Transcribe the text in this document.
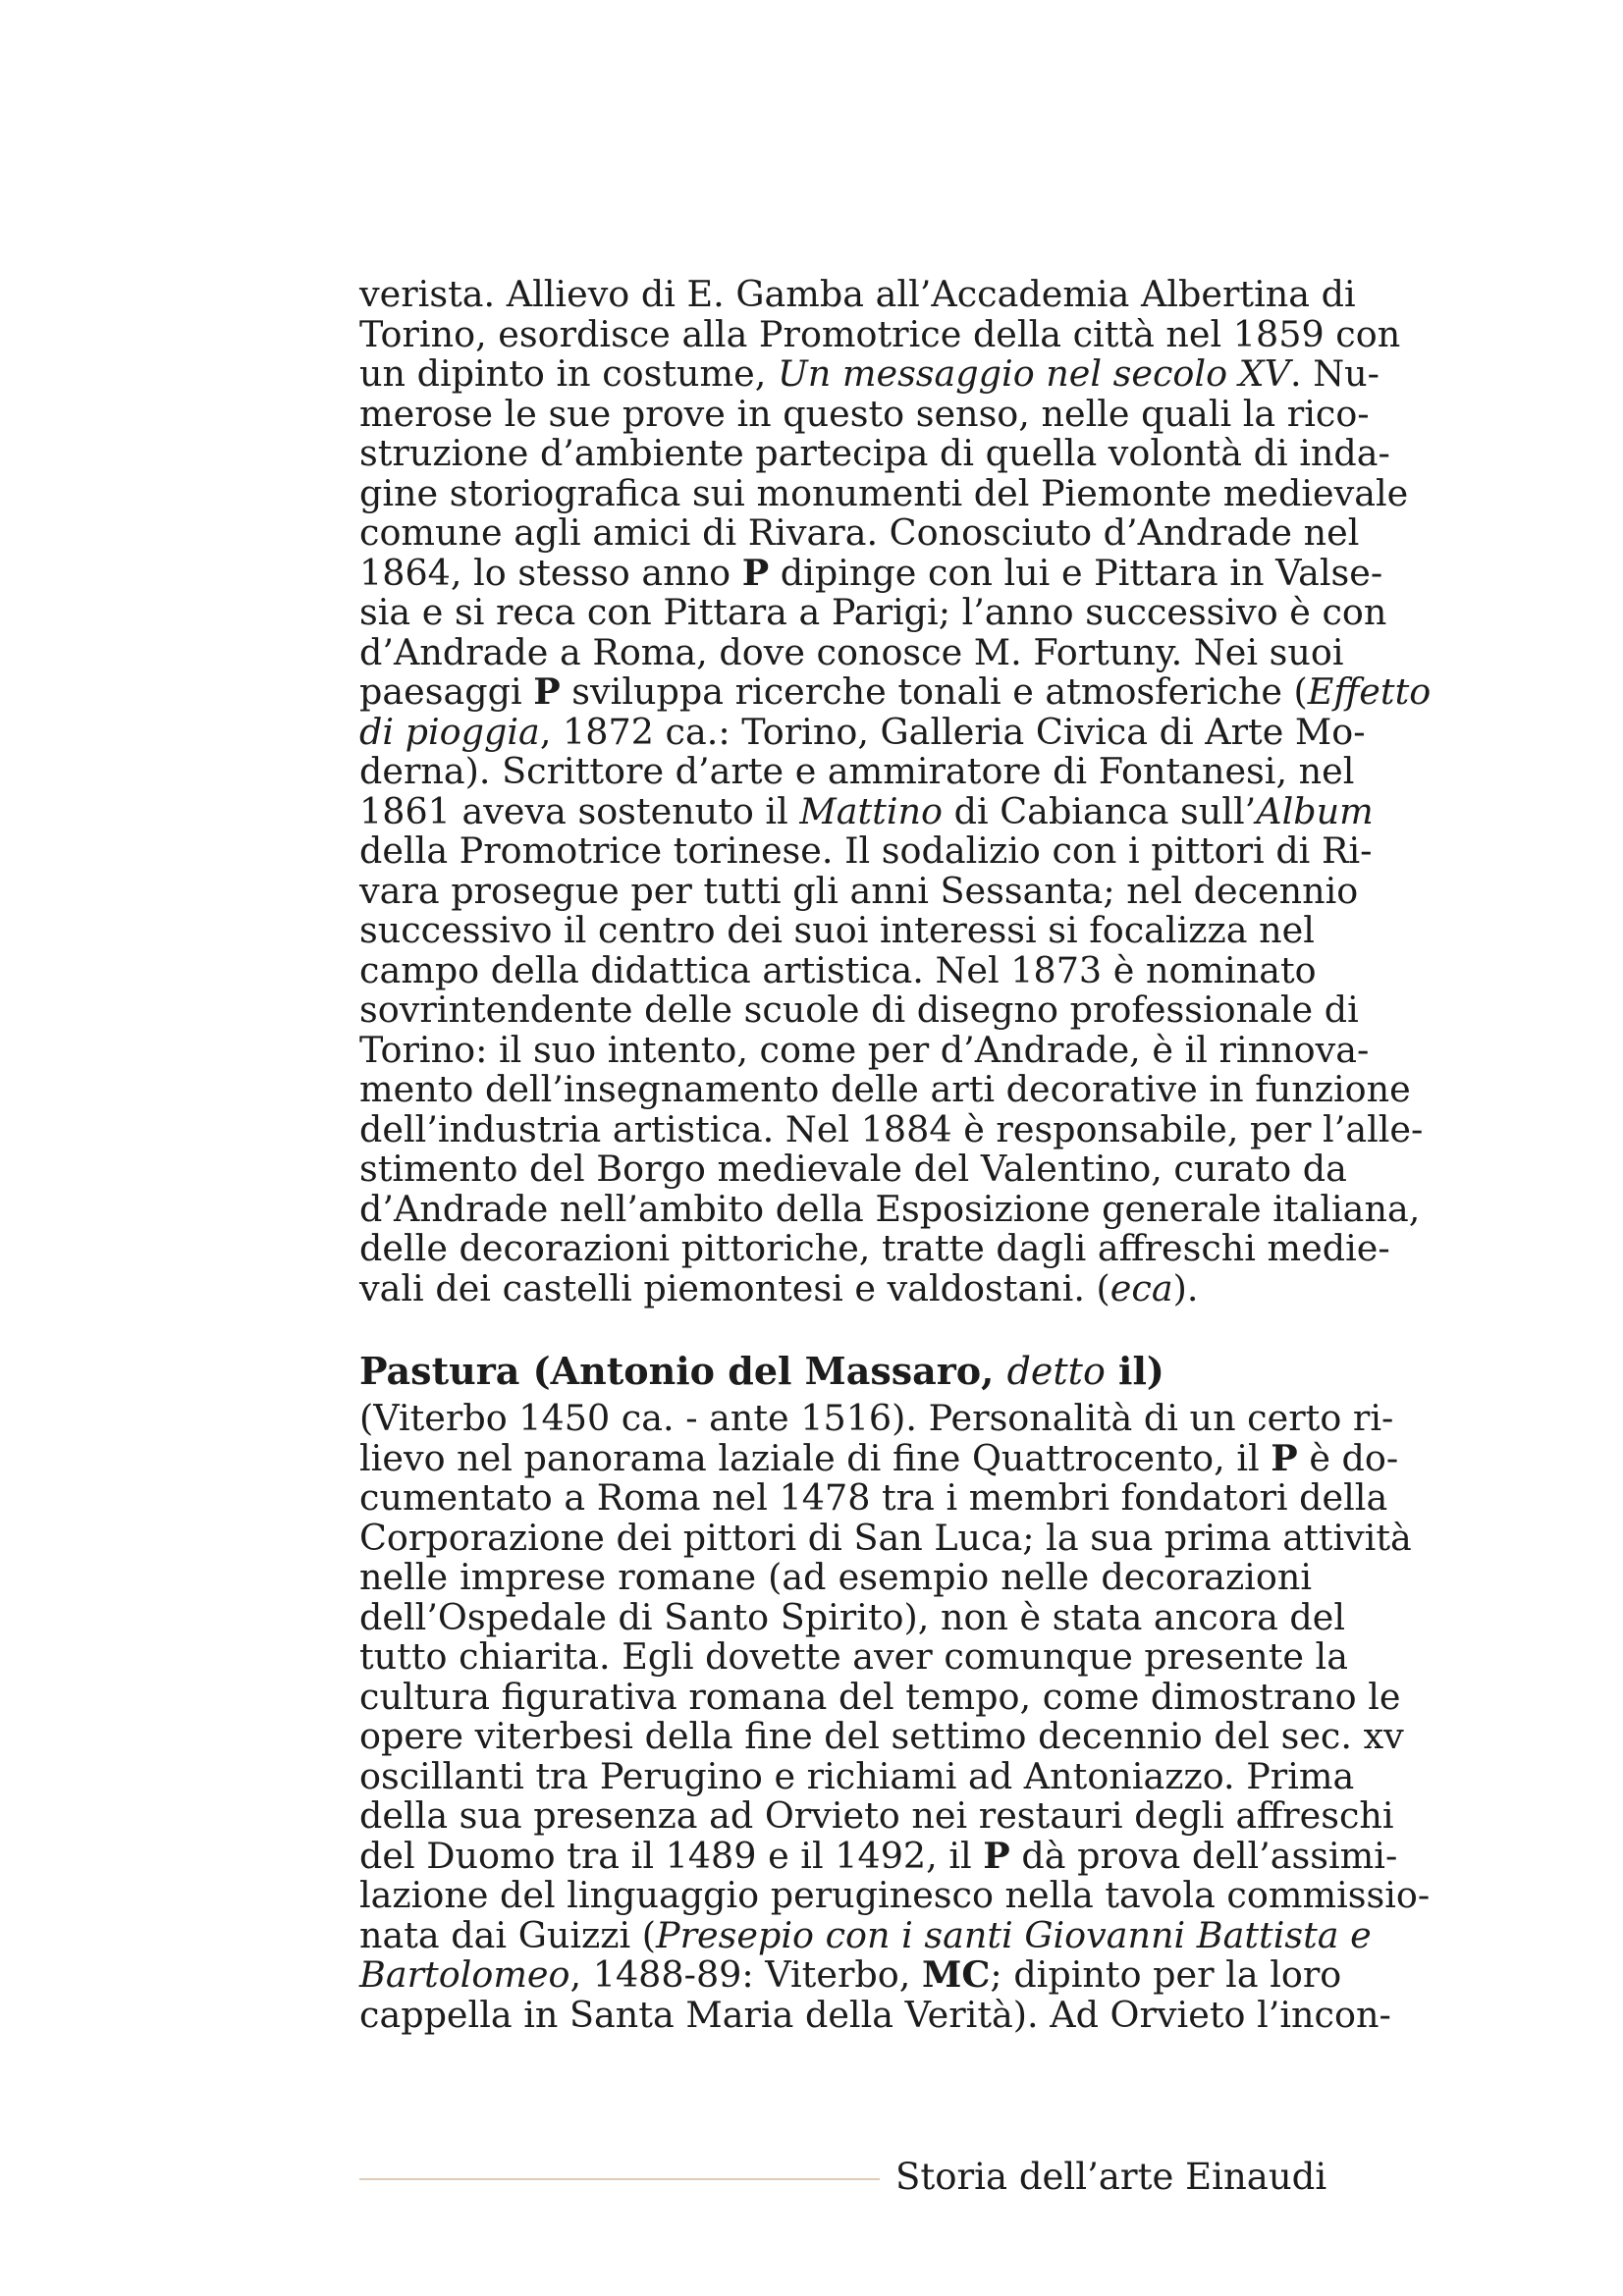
verista. Allievo di E. Gamba all’Accademia Albertina di
Torino, esordisce alla Promotrice della città nel 1859 con
un dipinto in costume, Un messaggio nel secolo XV. Nu-
merose le sue prove in questo senso, nelle quali la rico-
struzione d’ambiente partecipa di quella volontà di inda-
gine storiografica sui monumenti del Piemonte medievale
comune agli amici di Rivara. Conosciuto d’Andrade nel
1864, lo stesso anno P dipinge con lui e Pittara in Valse-
sia e si reca con Pittara a Parigi; l’anno successivo è con
d’Andrade a Roma, dove conosce M. Fortuny. Nei suoi
paesaggi P sviluppa ricerche tonali e atmosferiche (Effetto
di pioggia, 1872 ca.: Torino, Galleria Civica di Arte Mo-
derna). Scrittore d’arte e ammiratore di Fontanesi, nel
1861 aveva sostenuto il Mattino di Cabianca sull’Album
della Promotrice torinese. Il sodalizio con i pittori di Ri-
vara prosegue per tutti gli anni Sessanta; nel decennio
successivo il centro dei suoi interessi si focalizza nel
campo della didattica artistica. Nel 1873 è nominato
sovrintendente delle scuole di disegno professionale di
Torino: il suo intento, come per d’Andrade, è il rinnova-
mento dell’insegnamento delle arti decorative in funzione
dell’industria artistica. Nel 1884 è responsabile, per l’alle-
stimento del Borgo medievale del Valentino, curato da
d’Andrade nell’ambito della Esposizione generale italiana,
delle decorazioni pittoriche, tratte dagli affreschi medie-
vali dei castelli piemontesi e valdostani. (eca).
Pastura (Antonio del Massaro, detto il)
(Viterbo 1450 ca. - ante 1516). Personalità di un certo ri-
lievo nel panorama laziale di fine Quattrocento, il P è do-
cumentato a Roma nel 1478 tra i membri fondatori della
Corporazione dei pittori di San Luca; la sua prima attività
nelle imprese romane (ad esempio nelle decorazioni
dell’Ospedale di Santo Spirito), non è stata ancora del
tutto chiarita. Egli dovette aver comunque presente la
cultura figurativa romana del tempo, come dimostrano le
opere viterbesi della fine del settimo decennio del sec. xv
oscillanti tra Perugino e richiami ad Antoniazzo. Prima
della sua presenza ad Orvieto nei restauri degli affreschi
del Duomo tra il 1489 e il 1492, il P dà prova dell’assimi-
lazione del linguaggio peruginesco nella tavola commissio-
nata dai Guizzi (Presepio con i santi Giovanni Battista e
Bartolomeo, 1488-89: Viterbo, MC; dipinto per la loro
cappella in Santa Maria della Verità). Ad Orvieto l’incon-
Storia dell’arte Einaudi
